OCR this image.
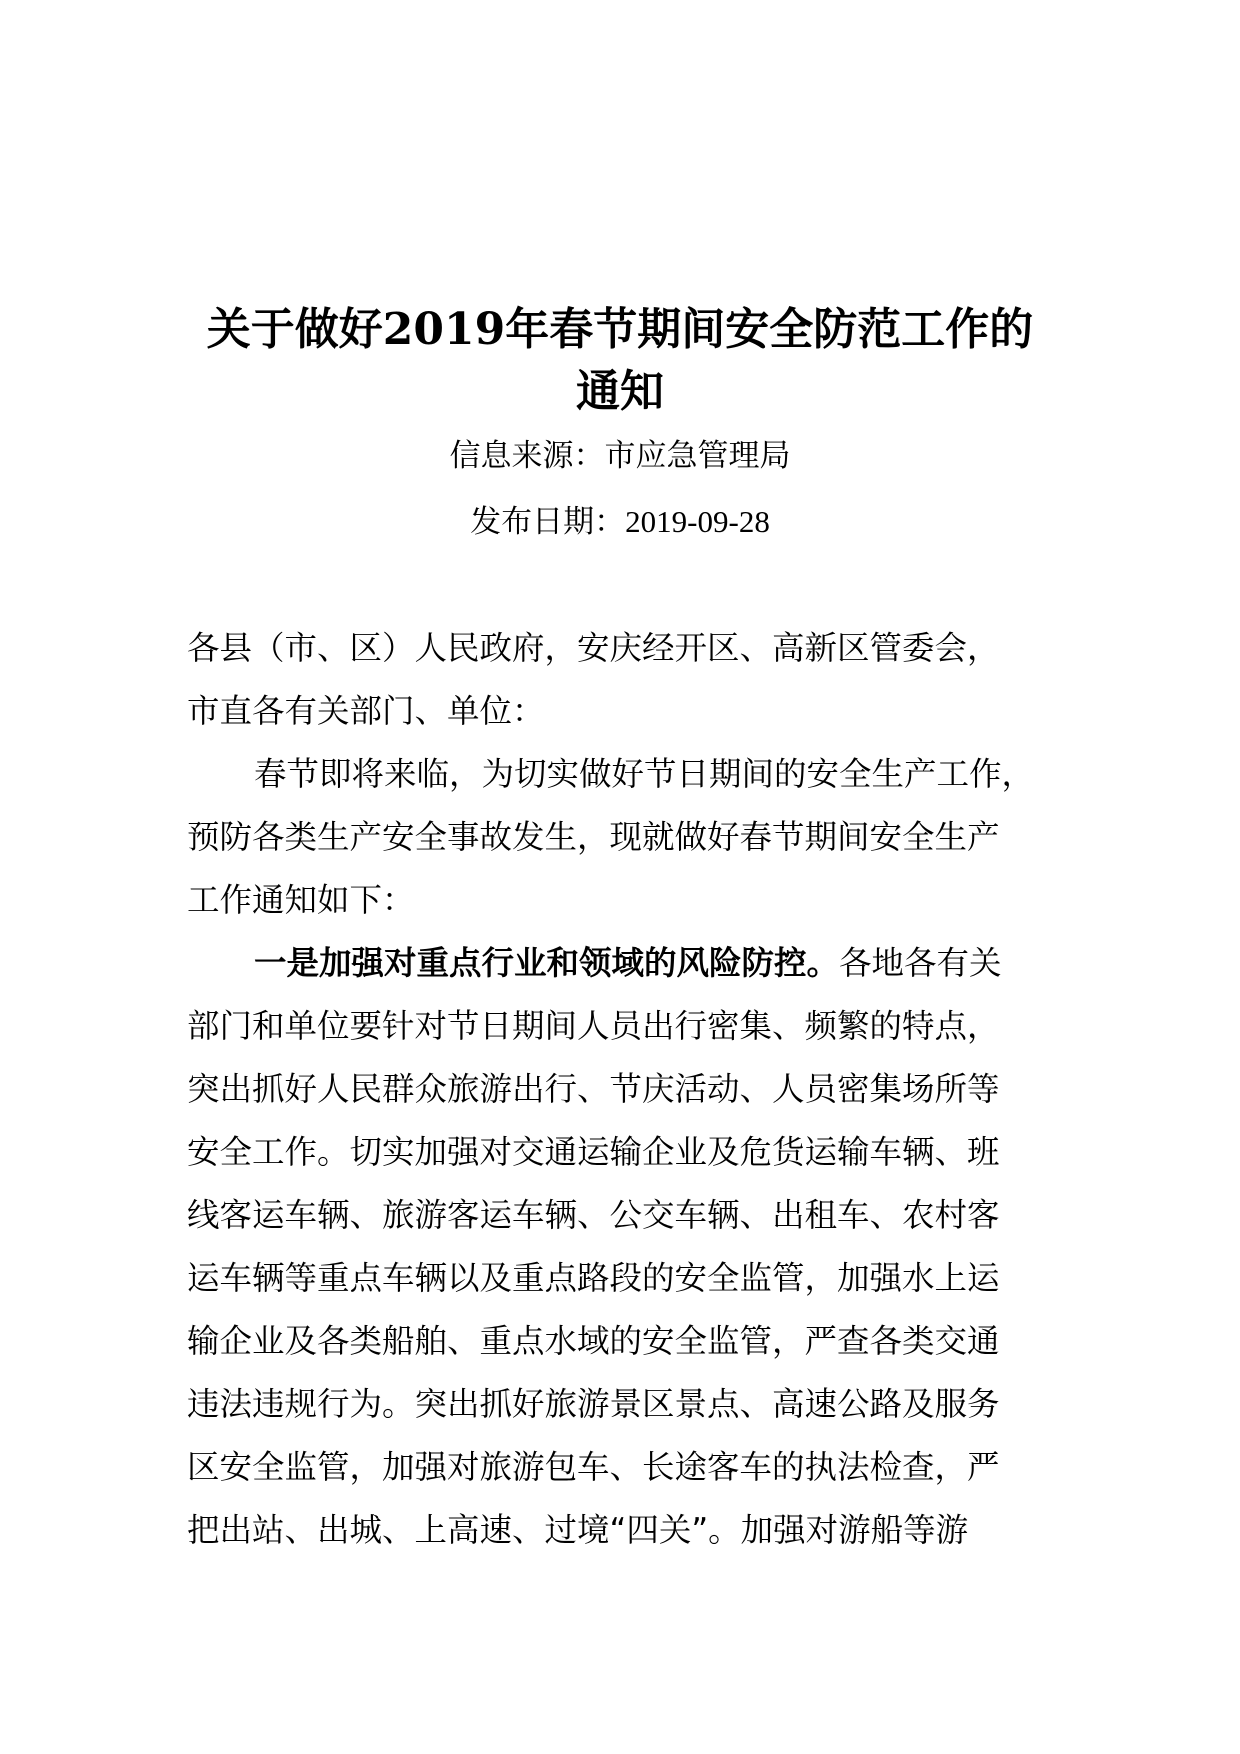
关于做好2019年春节期间安全防范工作的
通知
信息来源：市应急管理局
发布日期：2019-09-28
各县（市、区）人民政府，安庆经开区、高新区管委会，
市直各有关部门、单位：
春节即将来临，为切实做好节日期间的安全生产工作，
预防各类生产安全事故发生，现就做好春节期间安全生产
工作通知如下：
一是加强对重点行业和领域的风险防控。各地各有关
部门和单位要针对节日期间人员出行密集、频繁的特点，
突出抓好人民群众旅游出行、节庆活动、人员密集场所等
安全工作。切实加强对交通运输企业及危货运输车辆、班
线客运车辆、旅游客运车辆、公交车辆、出租车、农村客
运车辆等重点车辆以及重点路段的安全监管，加强水上运
输企业及各类船舶、重点水域的安全监管，严查各类交通
违法违规行为。突出抓好旅游景区景点、高速公路及服务
区安全监管，加强对旅游包车、长途客车的执法检查，严
把出站、出城、上高速、过境“四关”。加强对游船等游
